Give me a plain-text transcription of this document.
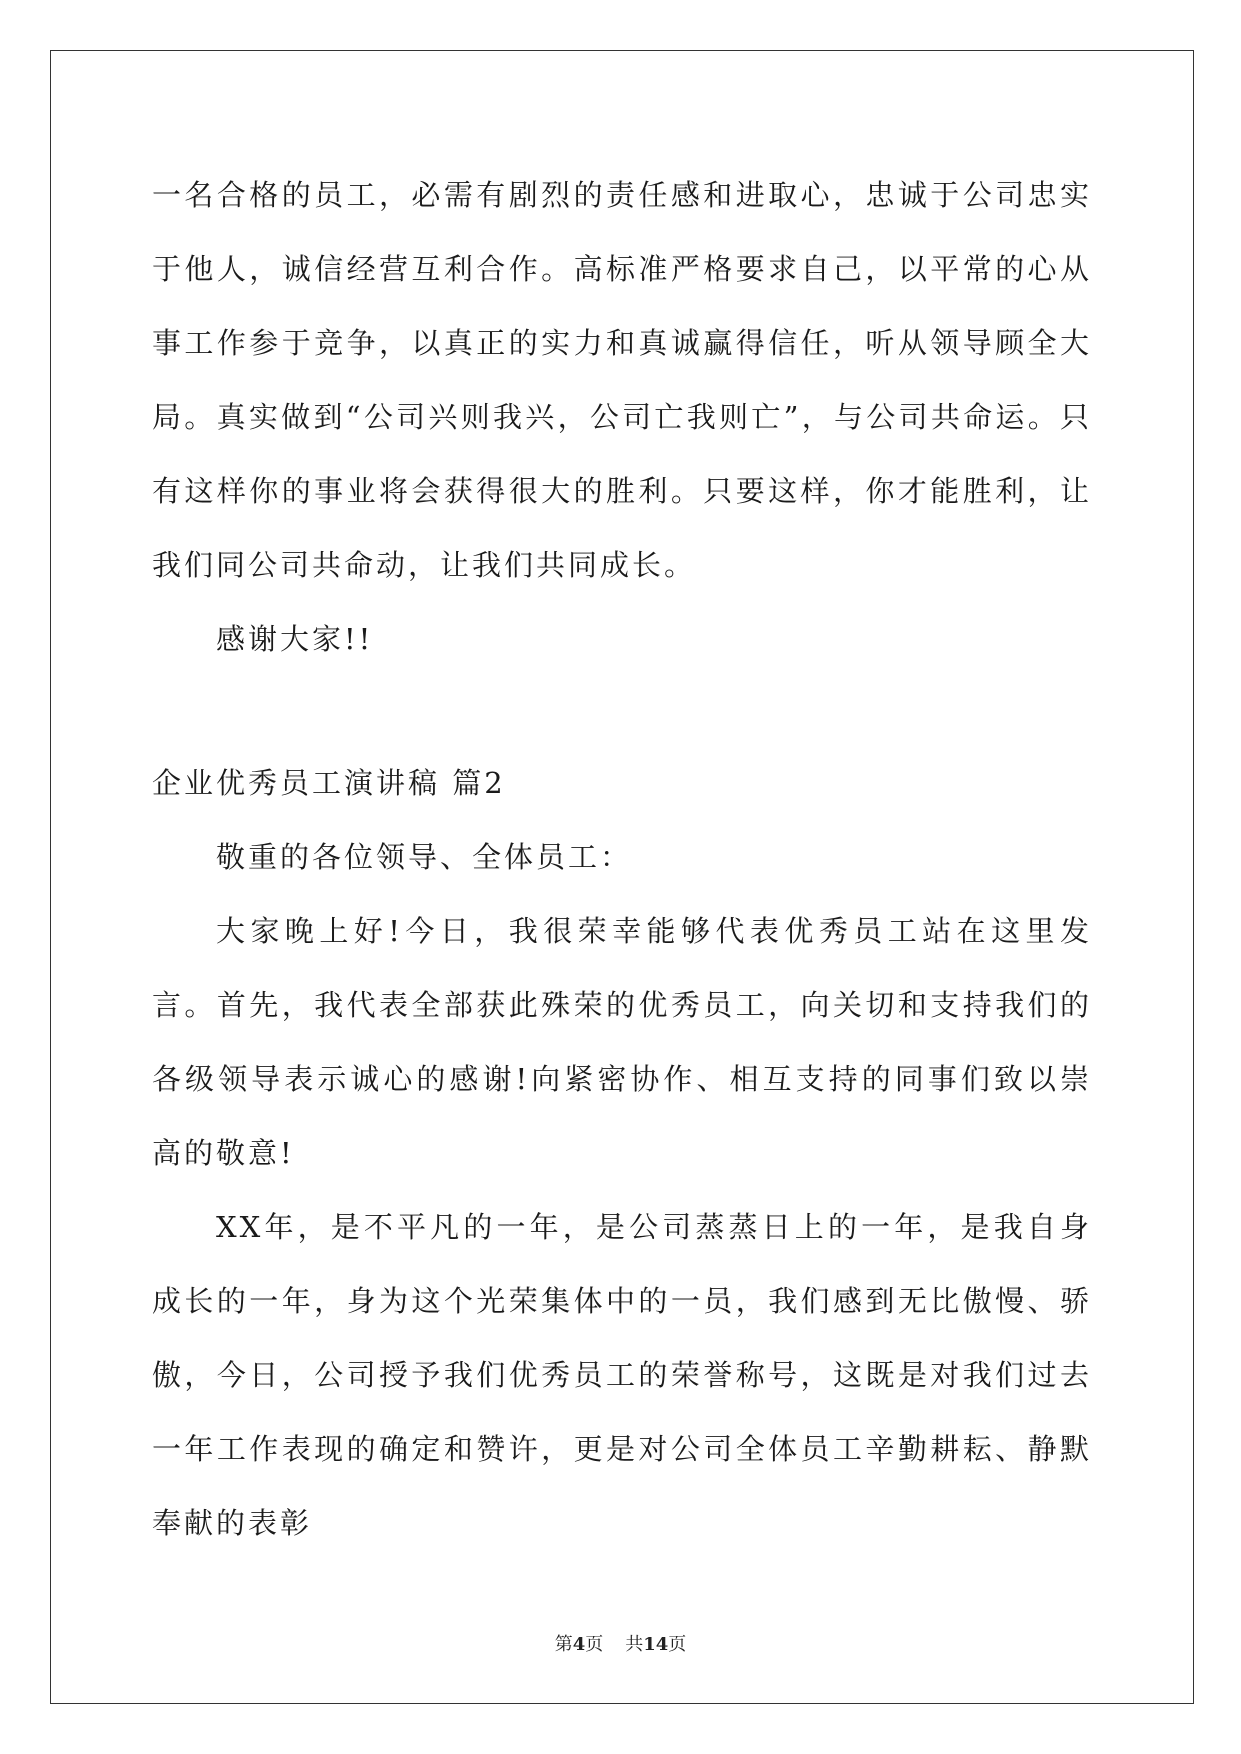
一名合格的员工，必需有剧烈的责任感和进取心，忠诚于公司忠实于他人，诚信经营互利合作。高标准严格要求自己，以平常的心从事工作参于竞争，以真正的实力和真诚赢得信任，听从领导顾全大局。真实做到“公司兴则我兴，公司亡我则亡”，与公司共命运。只有这样你的事业将会获得很大的胜利。只要这样，你才能胜利，让我们同公司共命动，让我们共同成长。

感谢大家!!

企业优秀员工演讲稿 篇2

敬重的各位领导、全体员工：

大家晚上好!今日，我很荣幸能够代表优秀员工站在这里发言。首先，我代表全部获此殊荣的优秀员工，向关切和支持我们的各级领导表示诚心的感谢!向紧密协作、相互支持的同事们致以崇高的敬意!

XX年，是不平凡的一年，是公司蒸蒸日上的一年，是我自身成长的一年，身为这个光荣集体中的一员，我们感到无比傲慢、骄傲，今日，公司授予我们优秀员工的荣誉称号，这既是对我们过去一年工作表现的确定和赞许，更是对公司全体员工辛勤耕耘、静默奉献的表彰

第4页 共14页
